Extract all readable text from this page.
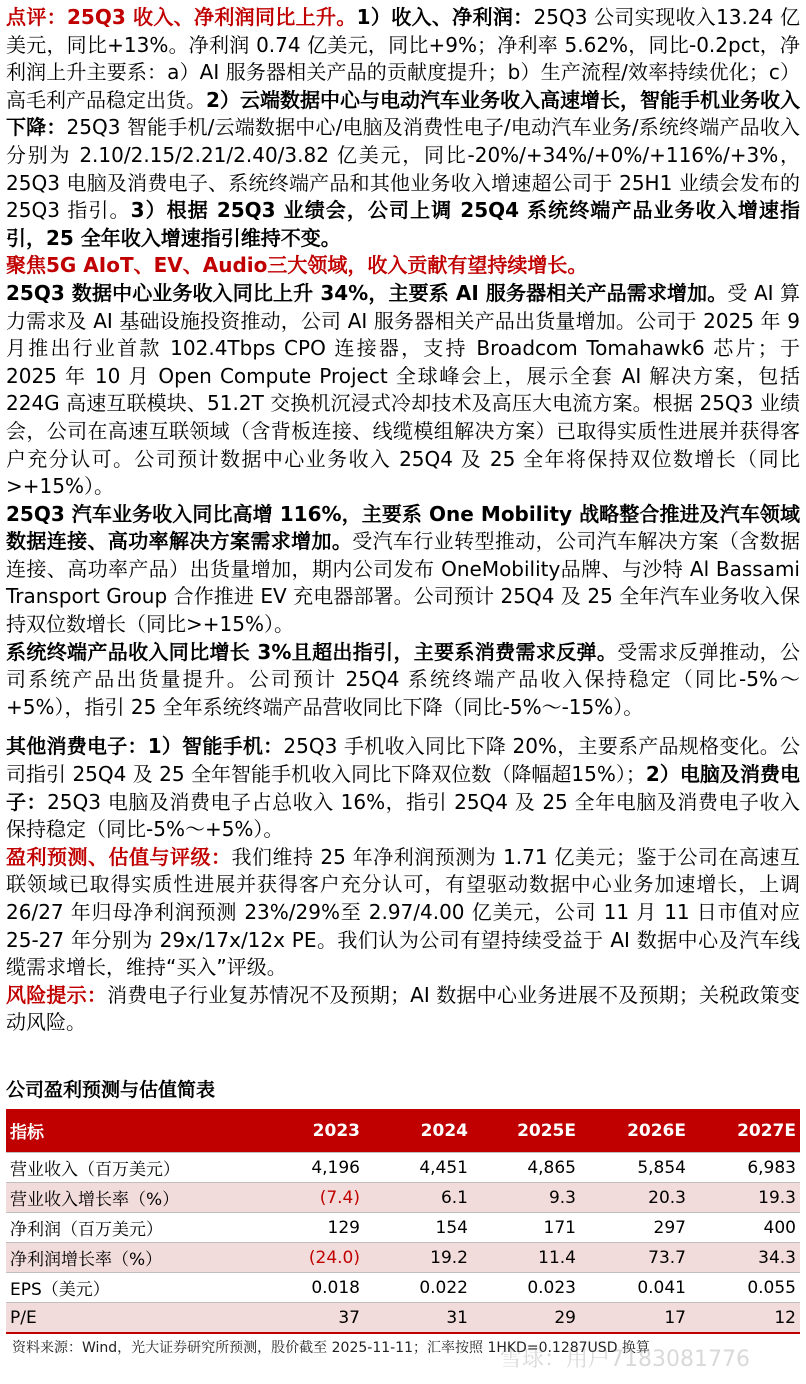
点评：25Q3 收入、净利润同比上升。1）收入、净利润：25Q3 公司实现收入13.24 亿美元，同比+13%。净利润 0.74 亿美元，同比+9%；净利率 5.62%，同比-0.2pct，净利润上升主要系：a）AI 服务器相关产品的贡献度提升；b）生产流程/效率持续优化；c）高毛利产品稳定出货。2）云端数据中心与电动汽车业务收入高速增长，智能手机业务收入下降：25Q3 智能手机/云端数据中心/电脑及消费性电子/电动汽车业务/系统终端产品收入分别为 2.10/2.15/2.21/2.40/3.82 亿美元，同比-20%/+34%/+0%/+116%/+3%，25Q3 电脑及消费电子、系统终端产品和其他业务收入增速超公司于 25H1 业绩会发布的 25Q3 指引。3）根据 25Q3 业绩会，公司上调 25Q4 系统终端产品业务收入增速指引，25 全年收入增速指引维持不变。

聚焦5G AIoT、EV、Audio三大领域，收入贡献有望持续增长。

25Q3 数据中心业务收入同比上升 34%，主要系 AI 服务器相关产品需求增加。受 AI 算力需求及 AI 基础设施投资推动，公司 AI 服务器相关产品出货量增加。公司于 2025 年 9 月推出行业首款 102.4Tbps CPO 连接器，支持 Broadcom Tomahawk6 芯片；于 2025 年 10 月 Open Compute Project 全球峰会上，展示全套 AI 解决方案，包括 224G 高速互联模块、51.2T 交换机沉浸式冷却技术及高压大电流方案。根据 25Q3 业绩会，公司在高速互联领域（含背板连接、线缆模组解决方案）已取得实质性进展并获得客户充分认可。公司预计数据中心业务收入 25Q4 及 25 全年将保持双位数增长（同比>+15%）。

25Q3 汽车业务收入同比高增 116%，主要系 One Mobility 战略整合推进及汽车领域数据连接、高功率解决方案需求增加。受汽车行业转型推动，公司汽车解决方案（含数据连接、高功率产品）出货量增加，期内公司发布 OneMobility品牌、与沙特 Al Bassami Transport Group 合作推进 EV 充电器部署。公司预计 25Q4 及 25 全年汽车业务收入保持双位数增长（同比>+15%）。

系统终端产品收入同比增长 3%且超出指引，主要系消费需求反弹。受需求反弹推动，公司系统产品出货量提升。公司预计 25Q4 系统终端产品收入保持稳定（同比-5%～+5%），指引 25 全年系统终端产品营收同比下降（同比-5%～-15%）。

其他消费电子：1）智能手机：25Q3 手机收入同比下降 20%，主要系产品规格变化。公司指引 25Q4 及 25 全年智能手机收入同比下降双位数（降幅超15%）；2）电脑及消费电子：25Q3 电脑及消费电子占总收入 16%，指引 25Q4 及 25 全年电脑及消费电子收入保持稳定（同比-5%～+5%）。

盈利预测、估值与评级：我们维持 25 年净利润预测为 1.71 亿美元；鉴于公司在高速互联领域已取得实质性进展并获得客户充分认可，有望驱动数据中心业务加速增长，上调 26/27 年归母净利润预测 23%/29%至 2.97/4.00 亿美元，公司 11 月 11 日市值对应 25-27 年分别为 29x/17x/12x PE。我们认为公司有望持续受益于 AI 数据中心及汽车线缆需求增长，维持“买入”评级。

风险提示：消费电子行业复苏情况不及预期；AI 数据中心业务进展不及预期；关税政策变动风险。

公司盈利预测与估值简表

指标	2023	2024	2025E	2026E	2027E
营业收入（百万美元）	4,196	4,451	4,865	5,854	6,983
营业收入增长率（%）	(7.4)	6.1	9.3	20.3	19.3
净利润（百万美元）	129	154	171	297	400
净利润增长率（%）	(24.0)	19.2	11.4	73.7	34.3
EPS（美元）	0.018	0.022	0.023	0.041	0.055
P/E	37	31	29	17	12

资料来源：Wind，光大证券研究所预测，股价截至 2025-11-11；汇率按照 1HKD=0.1287USD 换算

雪球：用户7183081776
